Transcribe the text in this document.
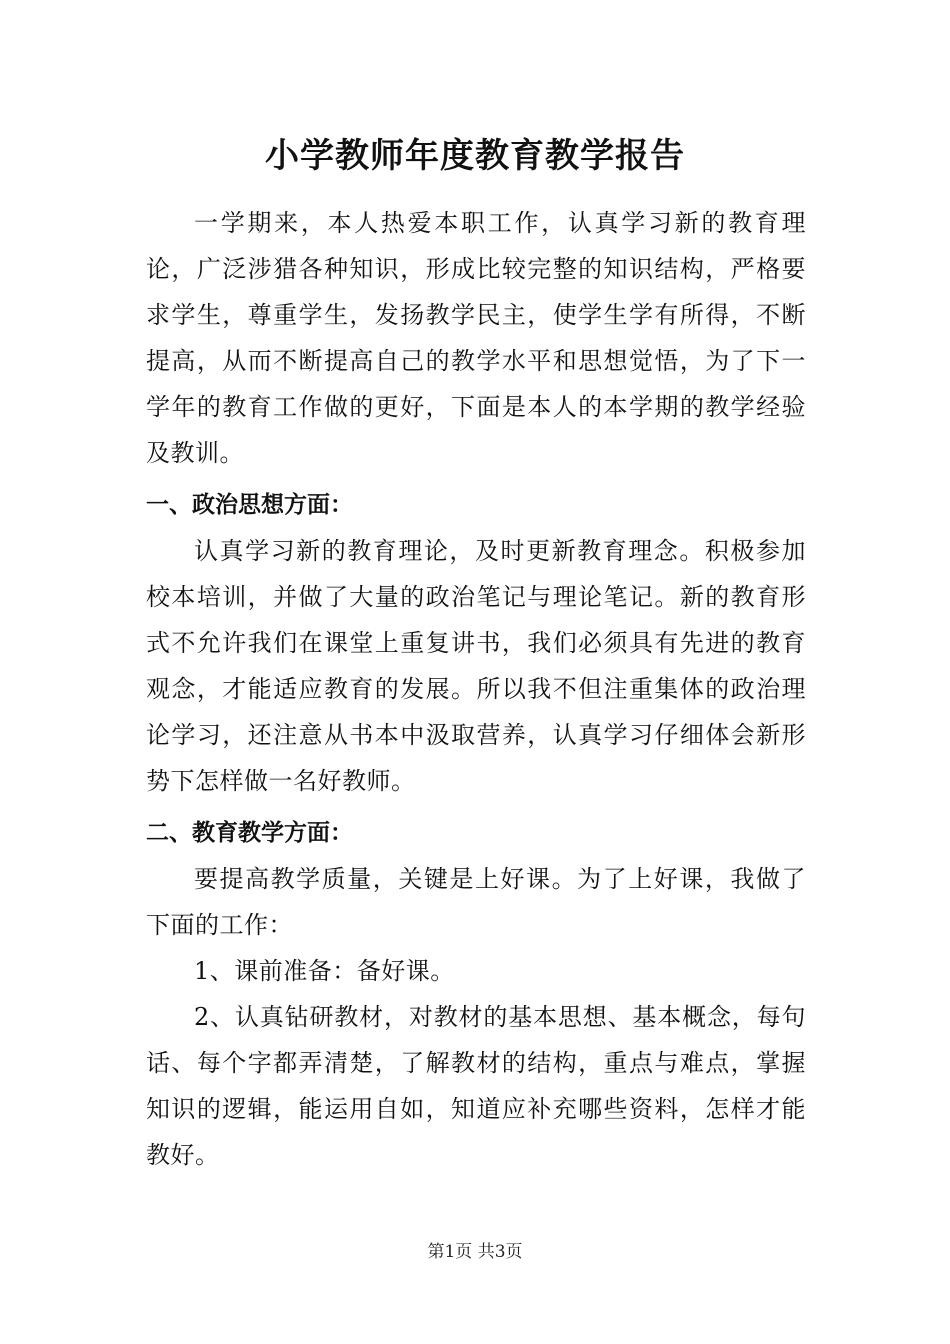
小学教师年度教育教学报告

一学期来，本人热爱本职工作，认真学习新的教育理论，广泛涉猎各种知识，形成比较完整的知识结构，严格要求学生，尊重学生，发扬教学民主，使学生学有所得，不断提高，从而不断提高自己的教学水平和思想觉悟，为了下一学年的教育工作做的更好，下面是本人的本学期的教学经验及教训。

一、政治思想方面：

认真学习新的教育理论，及时更新教育理念。积极参加校本培训，并做了大量的政治笔记与理论笔记。新的教育形式不允许我们在课堂上重复讲书，我们必须具有先进的教育观念，才能适应教育的发展。所以我不但注重集体的政治理论学习，还注意从书本中汲取营养，认真学习仔细体会新形势下怎样做一名好教师。

二、教育教学方面：

要提高教学质量，关键是上好课。为了上好课，我做了下面的工作：

1、课前准备：备好课。

2、认真钻研教材，对教材的基本思想、基本概念，每句话、每个字都弄清楚，了解教材的结构，重点与难点，掌握知识的逻辑，能运用自如，知道应补充哪些资料，怎样才能教好。

第1页 共3页
